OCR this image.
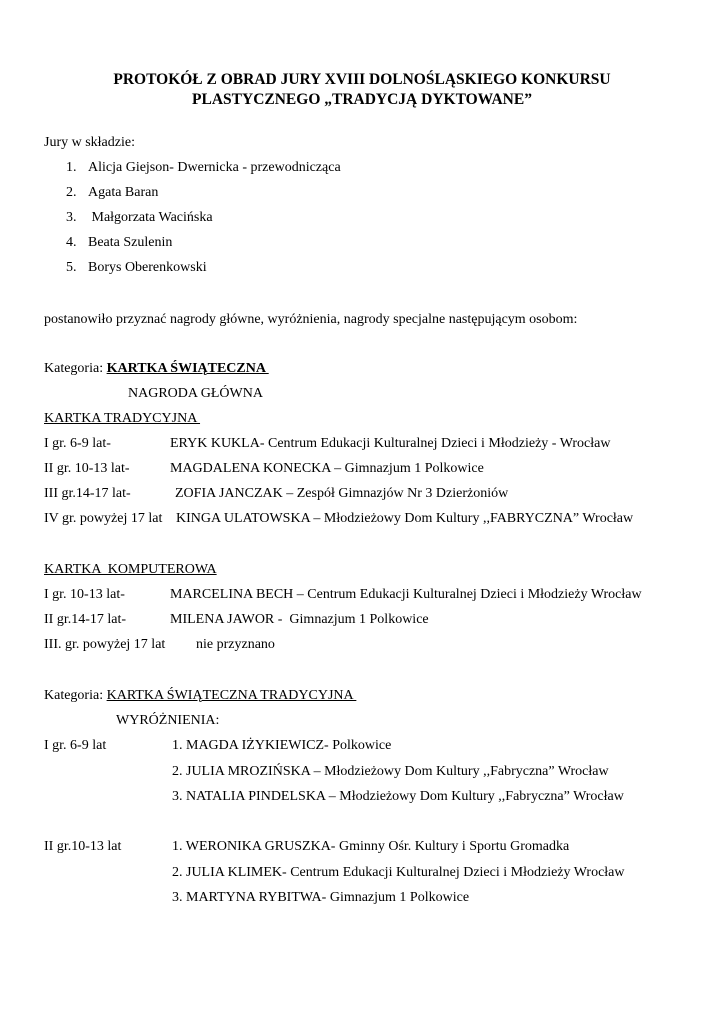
PROTOKÓŁ Z OBRAD JURY XVIII DOLNOŚLĄSKIEGO KONKURSU
PLASTYCZNEGO „TRADYCJĄ DYKTOWANE”
Jury w składzie:
1. Alicja Giejson- Dwernicka - przewodnicząca
2. Agata Baran
3. Małgorzata Wacińska
4. Beata Szulenin
5. Borys Oberenkowski
postanowiło przyznać nagrody główne, wyróżnienia, nagrody specjalne następującym osobom:
Kategoria: KARTKA ŚWIĄTECZNA
NAGRODA GŁÓWNA
KARTKA TRADYCYJNA
I gr. 6-9 lat-	ERYK KUKLA- Centrum Edukacji Kulturalnej Dzieci i Młodzieży - Wrocław
II gr. 10-13 lat-	MAGDALENA KONECKA – Gimnazjum 1 Polkowice
III gr.14-17 lat-	ZOFIA JANCZAK – Zespół Gimnazjów Nr 3 Dzierżoniów
IV gr. powyżej 17 lat KINGA ULATOWSKA – Młodzieżowy Dom Kultury ,,FABRYCZNA” Wrocław
KARTKA  KOMPUTEROWA
I gr. 10-13 lat-	MARCELINA BECH – Centrum Edukacji Kulturalnej Dzieci i Młodzieży Wrocław
II gr.14-17 lat-	MILENA JAWOR -  Gimnazjum 1 Polkowice
III. gr. powyżej 17 lat nie przyznano
Kategoria: KARTKA ŚWIĄTECZNA TRADYCYJNA
WYRÓŻNIENIA:
I gr. 6-9 lat	1. MAGDA IŻYKIEWICZ- Polkowice
2. JULIA MROZIŃSKA – Młodzieżowy Dom Kultury ,,Fabryczna” Wrocław
3. NATALIA PINDELSKA – Młodzieżowy Dom Kultury ,,Fabryczna” Wrocław
II gr.10-13 lat	1. WERONIKA GRUSZKA- Gminny Ośr. Kultury i Sportu Gromadka
2. JULIA KLIMEK- Centrum Edukacji Kulturalnej Dzieci i Młodzieży Wrocław
3. MARTYNA RYBITWA- Gimnazjum 1 Polkowice
